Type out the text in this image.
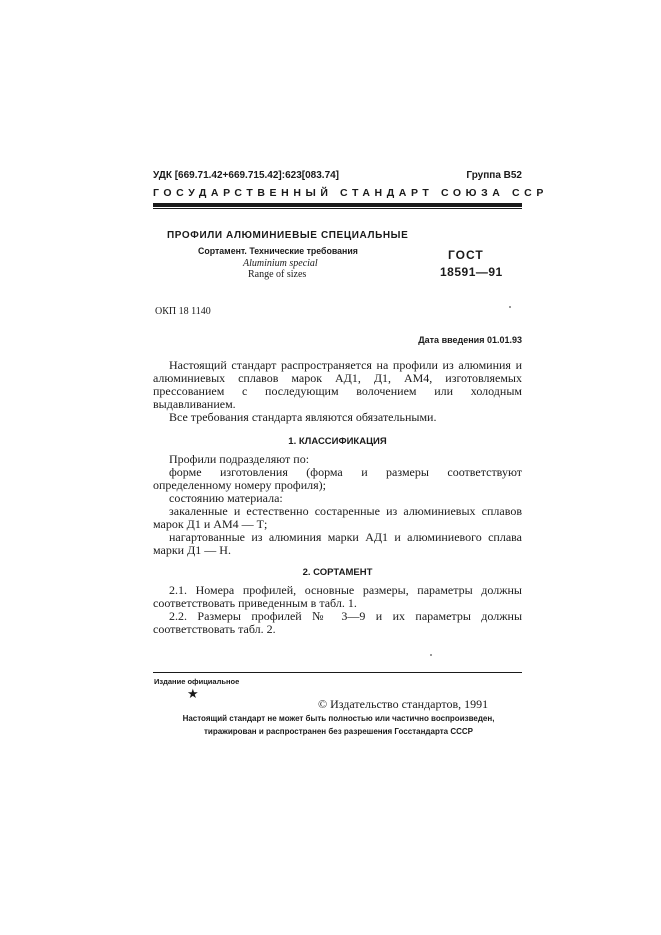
УДК [669.71.42+669.715.42]:623[083.74]	Группа В52
ГОСУДАРСТВЕННЫЙ СТАНДАРТ СОЮЗА ССР
ПРОФИЛИ АЛЮМИНИЕВЫЕ СПЕЦИАЛЬНЫЕ
Сортамент. Технические требования
Aluminium special
Range of sizes
ГОСТ
18591—91
ОКП 18 1140
Дата введения 01.01.93
Настоящий стандарт распространяется на профили из алюминия и алюминиевых сплавов марок АД1, Д1, АМ4, изготовляемых прессованием с последующим волочением или холодным выдавливанием.
Все требования стандарта являются обязательными.
1. КЛАССИФИКАЦИЯ
Профили подразделяют по:
форме изготовления (форма и размеры соответствуют определенному номеру профиля);
состоянию материала:
закаленные и естественно состаренные из алюминиевых сплавов марок Д1 и АМ4 — Т;
нагартованные из алюминия марки АД1 и алюминиевого сплава марки Д1 — Н.
2. СОРТАМЕНТ
2.1. Номера профилей, основные размеры, параметры должны соответствовать приведенным в табл. 1.
2.2. Размеры профилей № 3—9 и их параметры должны соответствовать табл. 2.
Издание официальное
★
© Издательство стандартов, 1991
Настоящий стандарт не может быть полностью или частично воспроизведен,
тиражирован и распространен без разрешения Госстандарта СССР
